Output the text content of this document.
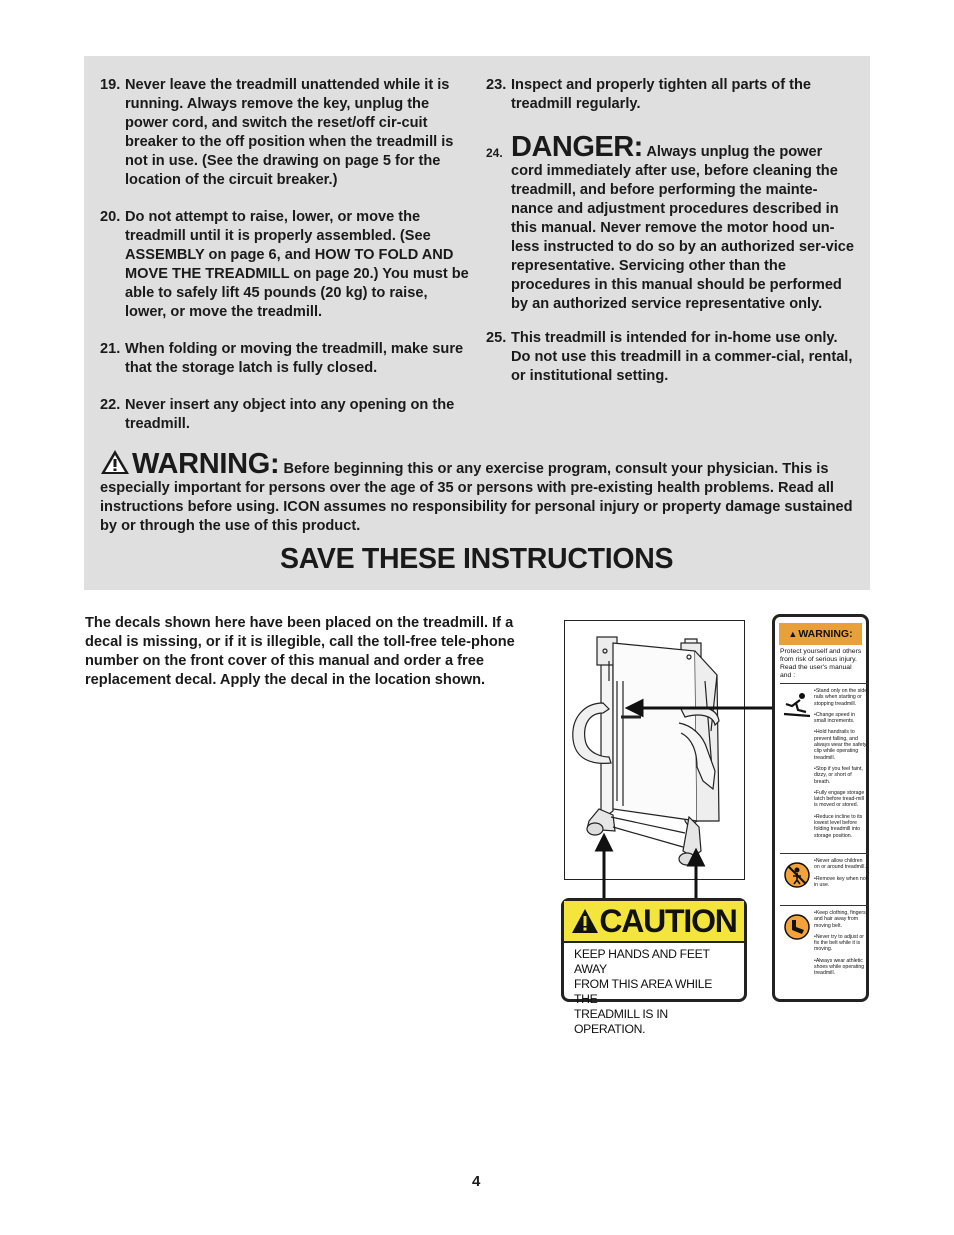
19. Never leave the treadmill unattended while it is running. Always remove the key, unplug the power cord, and switch the reset/off cir-cuit breaker to the off position when the treadmill is not in use. (See the drawing on page 5 for the location of the circuit breaker.)
20. Do not attempt to raise, lower, or move the treadmill until it is properly assembled. (See ASSEMBLY on page 6, and HOW TO FOLD AND MOVE THE TREADMILL on page 20.) You must be able to safely lift 45 pounds (20 kg) to raise, lower, or move the treadmill.
21. When folding or moving the treadmill, make sure that the storage latch is fully closed.
22. Never insert any object into any opening on the treadmill.
23. Inspect and properly tighten all parts of the treadmill regularly.
24. DANGER: Always unplug the power cord immediately after use, before cleaning the treadmill, and before performing the mainte-nance and adjustment procedures described in this manual. Never remove the motor hood un-less instructed to do so by an authorized ser-vice representative. Servicing other than the procedures in this manual should be performed by an authorized service representative only.
25. This treadmill is intended for in-home use only. Do not use this treadmill in a commer-cial, rental, or institutional setting.
WARNING: Before beginning this or any exercise program, consult your physician. This is especially important for persons over the age of 35 or persons with pre-existing health problems. Read all instructions before using. ICON assumes no responsibility for personal injury or property damage sustained by or through the use of this product.
SAVE THESE INSTRUCTIONS
The decals shown here have been placed on the treadmill. If a decal is missing, or if it is illegible, call the toll-free tele-phone number on the front cover of this manual and order a free replacement decal. Apply the decal in the location shown.
CAUTION
KEEP HANDS AND FEET AWAY
FROM THIS AREA WHILE THE
TREADMILL IS IN OPERATION.
▲ WARNING:
Protect yourself and others from risk of serious injury. Read the user's manual and :

•Stand only on the side rails when starting or stopping treadmill.

•Change speed in small increments.

•Hold handrails to prevent falling, and always wear the safety clip while operating treadmill.

•Stop if you feel faint, dizzy, or short of breath.

•Fully engage storage latch before tread-mill is moved or stored.

•Reduce incline to its lowest level before folding treadmill into storage position.

•Never allow children on or around treadmill.

•Remove key when not in use.

•Keep clothing, fingers, and hair away from moving belt.

•Never try to adjust or fix the belt while it is moving.

•Always wear athletic shoes while operating treadmill.

4
